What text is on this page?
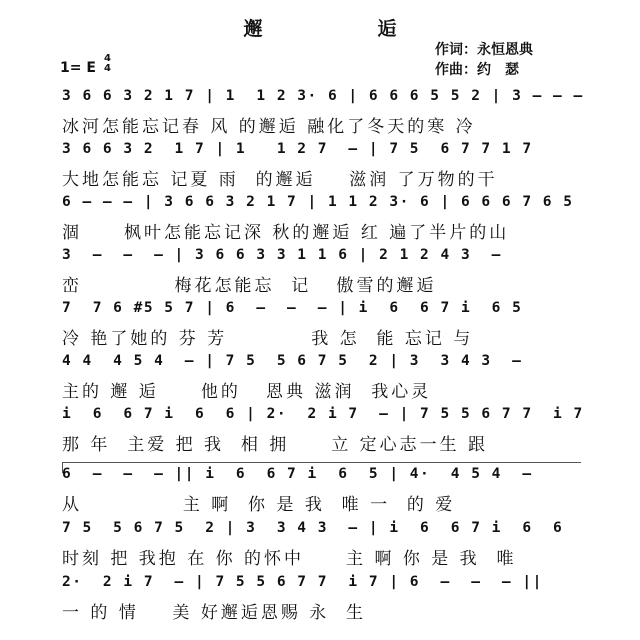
邂　逅
作词：永恒恩典
作曲：约　瑟
1= E
4
4
3 6 6 3 2 1 7 | 1  1 2 3· 6 | 6 6 6 5 5 2 | 3 — — —
冰河怎能忘记春 风 的邂逅 融化了冬天的寒 冷
3 6 6 3 2  1 7 | 1   1 2 7  — | 7 5  6 7 7 1 7
大地怎能忘 记夏 雨  的邂逅    滋润 了万物的干
6 — — — | 3 6 6 3 2 1 7 | 1 1 2 3· 6 | 6 6 6 7 6 5
涸     枫叶怎能忘记深 秋的邂逅 红 遍了半片的山
3  —  —  — | 3 6 6 3 3 1 1 6 | 2 1 2 4 3  —
峦           梅花怎能忘  记   傲雪的邂逅
7  7 6 #5 5 7 | 6  —  —  — | i  6  6 7 i  6 5
冷 艳了她的 芬 芳          我 怎  能 忘记 与
4 4  4 5 4  — | 7 5  5 6 7 5  2 | 3  3 4 3  —
主的 邂 逅     他的   恩典 滋润  我心灵
i  6  6 7 i  6  6 | 2·  2 i 7  — | 7 5 5 6 7 7  i 7
那 年  主爱 把 我  相 拥     立 定心志一生 跟
6  —  —  — || i  6  6 7 i  6  5 | 4·  4 5 4  —
从            主 啊  你 是 我  唯 一  的 爱
7 5  5 6 7 5  2 | 3  3 4 3  — | i  6  6 7 i  6  6
时刻 把 我抱 在 你 的怀中     主 啊 你 是 我  唯
2·  2 i 7  — | 7 5 5 6 7 7  i 7 | 6  —  —  — ||
一 的 情    美 好邂逅恩赐 永  生
